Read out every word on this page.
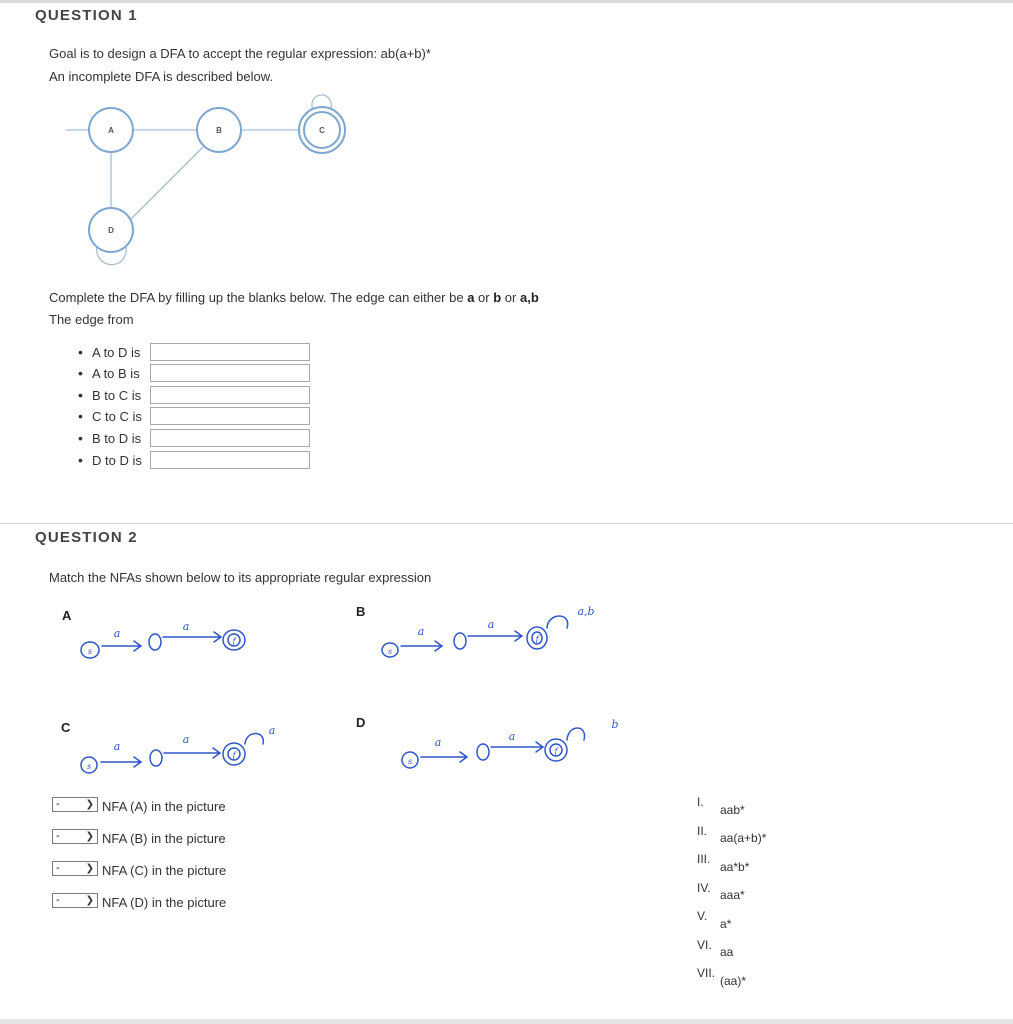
QUESTION 1
Goal is to design a DFA to accept the regular expression: ab(a+b)*
An incomplete DFA is described below.
A	B	C
D
Complete the DFA by filling up the blanks below. The edge can either be a or b or a,b
The edge from
• A to D is
• A to B is
• B to C is
• C to C is
• B to D is
• D to D is
QUESTION 2
Match the NFAs shown below to its appropriate regular expression
A	B
C	D
s
f
a
a
s
f
a
a
a,b
s
f
a
a
a
s
f
a	a
b
-	❯ NFA (A) in the picture
-	❯ NFA (B) in the picture
-	❯ NFA (C) in the picture
-	❯ NFA (D) in the picture
I.
aab*
II. aa(a+b)*
III.
aa*b*
IV. aaa*
V.
a*
VI. aa
VII.
(aa)*
